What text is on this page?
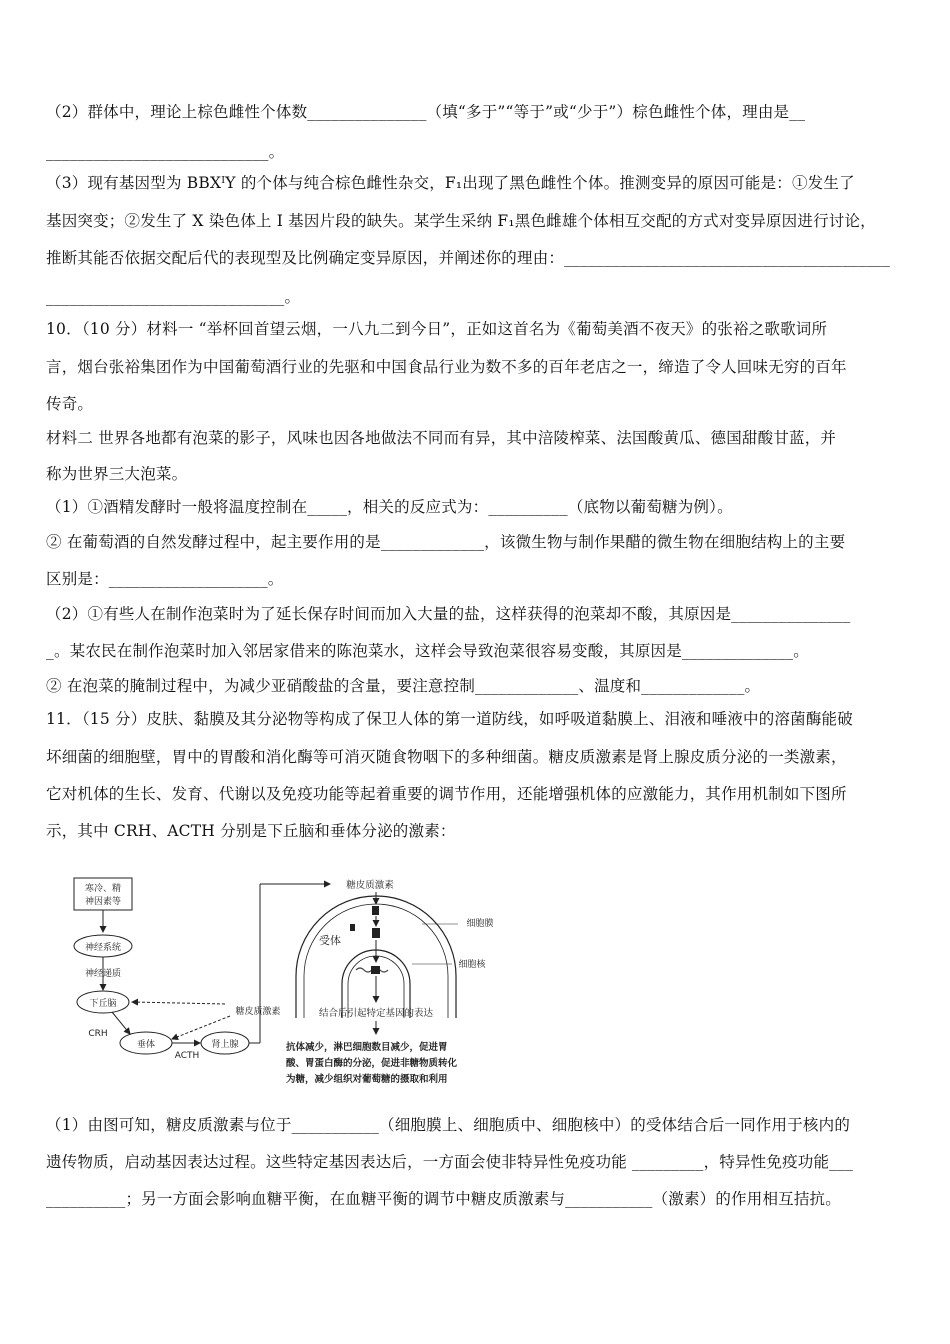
（2）群体中，理论上棕色雌性个体数_______________（填“多于”“等于”或“少于”）棕色雌性个体，理由是__
____________________________。
（3）现有基因型为 BBXᴵY 的个体与纯合棕色雌性杂交，F₁出现了黑色雌性个体。推测变异的原因可能是：①发生了
基因突变；②发生了 X 染色体上 I 基因片段的缺失。某学生采纳 F₁黑色雌雄个体相互交配的方式对变异原因进行讨论，
推断其能否依据交配后代的表现型及比例确定变异原因，并阐述你的理由：_________________________________________
______________________________。
10．（10 分）材料一 “举杯回首望云烟，一八九二到今日”，正如这首名为《葡萄美酒不夜天》的张裕之歌歌词所
言，烟台张裕集团作为中国葡萄酒行业的先驱和中国食品行业为数不多的百年老店之一，缔造了令人回味无穷的百年
传奇。
材料二 世界各地都有泡菜的影子，风味也因各地做法不同而有异，其中涪陵榨菜、法国酸黄瓜、德国甜酸甘蓝，并
称为世界三大泡菜。
（1）①酒精发酵时一般将温度控制在_____，相关的反应式为：__________（底物以葡萄糖为例）。
② 在葡萄酒的自然发酵过程中，起主要作用的是_____________，该微生物与制作果醋的微生物在细胞结构上的主要
区别是：____________________。
（2）①有些人在制作泡菜时为了延长保存时间而加入大量的盐，这样获得的泡菜却不酸，其原因是_______________
_。某农民在制作泡菜时加入邻居家借来的陈泡菜水，这样会导致泡菜很容易变酸，其原因是______________。
② 在泡菜的腌制过程中，为减少亚硝酸盐的含量，要注意控制_____________、温度和_____________。
11．（15 分）皮肤、黏膜及其分泌物等构成了保卫人体的第一道防线，如呼吸道黏膜上、泪液和唾液中的溶菌酶能破
坏细菌的细胞壁，胃中的胃酸和消化酶等可消灭随食物咽下的多种细菌。糖皮质激素是肾上腺皮质分泌的一类激素，
它对机体的生长、发育、代谢以及免疫功能等起着重要的调节作用，还能增强机体的应激能力，其作用机制如下图所
示，其中 CRH、ACTH 分别是下丘脑和垂体分泌的激素：
寒冷、精
神因素等
神经系统
神经递质
下丘脑
CRH
垂体
ACTH
肾上腺
糖皮质激素
糖皮质激素
细胞膜
受体
细胞核
结合后引起特定基因的表达
抗体减少，淋巴细胞数目减少，促进胃
酸、胃蛋白酶的分泌，促进非糖物质转化
为糖，减少组织对葡萄糖的摄取和利用
（1）由图可知，糖皮质激素与位于___________（细胞膜上、细胞质中、细胞核中）的受体结合后一同作用于核内的
遗传物质，启动基因表达过程。这些特定基因表达后，一方面会使非特异性免疫功能 _________，特异性免疫功能___
__________；另一方面会影响血糖平衡，在血糖平衡的调节中糖皮质激素与___________（激素）的作用相互拮抗。
